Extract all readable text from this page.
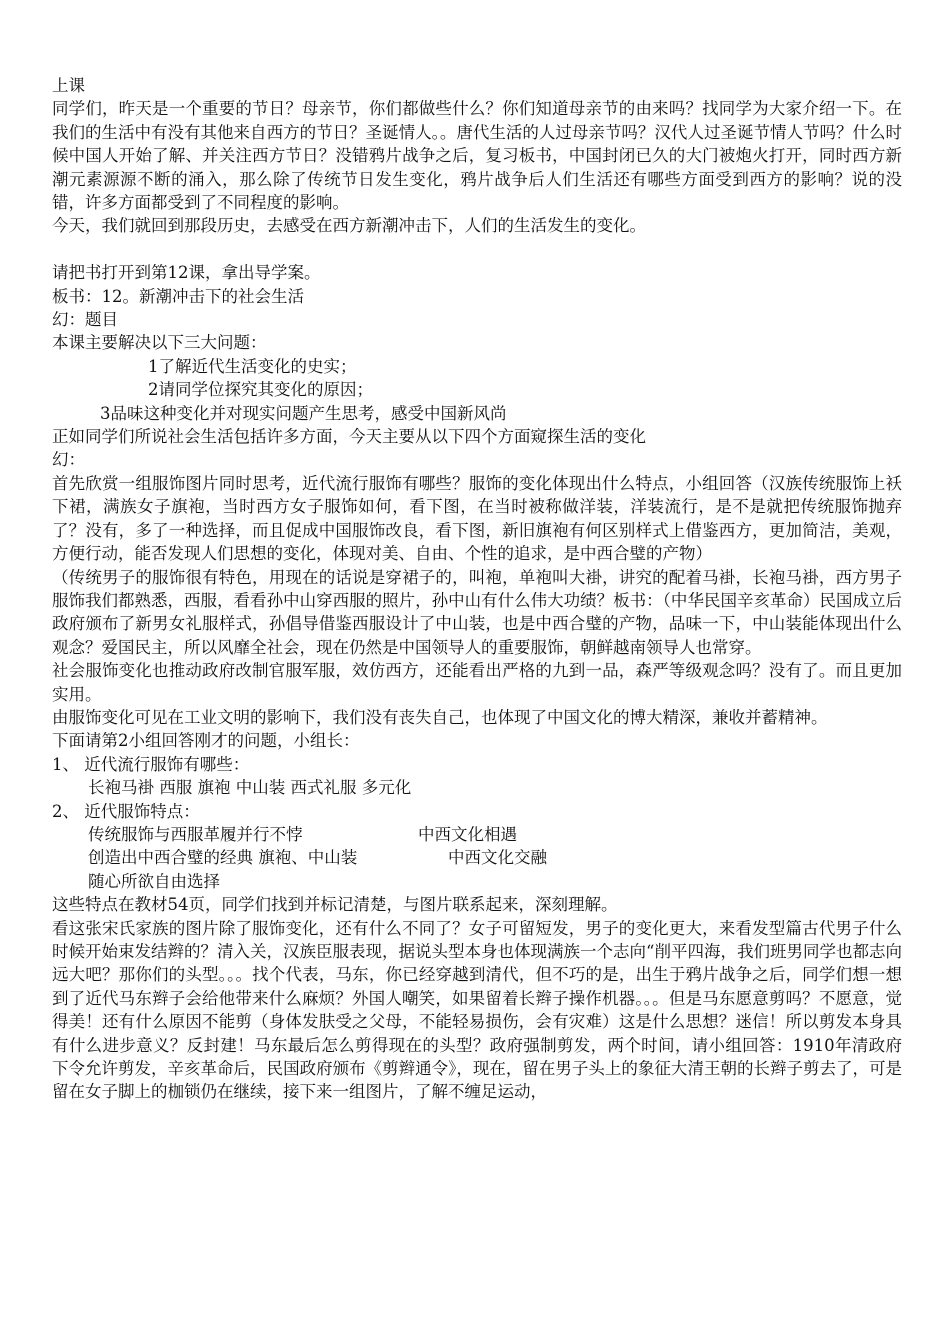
上课

同学们，昨天是一个重要的节日？母亲节，你们都做些什么？你们知道母亲节的由来吗？找同学为大家介绍一下。在我们的生活中有没有其他来自西方的节日？圣诞情人。。唐代生活的人过母亲节吗？汉代人过圣诞节情人节吗？什么时候中国人开始了解、并关注西方节日？没错鸦片战争之后，复习板书，中国封闭已久的大门被炮火打开，同时西方新潮元素源源不断的涌入，那么除了传统节日发生变化，鸦片战争后人们生活还有哪些方面受到西方的影响？说的没错，许多方面都受到了不同程度的影响。

今天，我们就回到那段历史，去感受在西方新潮冲击下，人们的生活发生的变化。

请把书打开到第12课，拿出导学案。

板书：12。新潮冲击下的社会生活

幻：题目

本课主要解决以下三大问题：

1了解近代生活变化的史实；

2请同学位探究其变化的原因；

3品味这种变化并对现实问题产生思考，感受中国新风尚

正如同学们所说社会生活包括许多方面，今天主要从以下四个方面窥探生活的变化

幻：

首先欣赏一组服饰图片同时思考，近代流行服饰有哪些？服饰的变化体现出什么特点，小组回答（汉族传统服饰上袄下裙，满族女子旗袍，当时西方女子服饰如何，看下图，在当时被称做洋装，洋装流行，是不是就把传统服饰抛弃了？没有，多了一种选择，而且促成中国服饰改良，看下图，新旧旗袍有何区别样式上借鉴西方，更加简洁，美观，方便行动，能否发现人们思想的变化，体现对美、自由、个性的追求，是中西合璧的产物）

（传统男子的服饰很有特色，用现在的话说是穿裙子的，叫袍，单袍叫大褂，讲究的配着马褂，长袍马褂，西方男子服饰我们都熟悉，西服，看看孙中山穿西服的照片，孙中山有什么伟大功绩？板书：（中华民国辛亥革命）民国成立后政府颁布了新男女礼服样式，孙倡导借鉴西服设计了中山装，也是中西合璧的产物，品味一下，中山装能体现出什么观念？爱国民主，所以风靡全社会，现在仍然是中国领导人的重要服饰，朝鲜越南领导人也常穿。

社会服饰变化也推动政府改制官服军服，效仿西方，还能看出严格的九到一品，森严等级观念吗？没有了。而且更加实用。

由服饰变化可见在工业文明的影响下，我们没有丧失自己，也体现了中国文化的博大精深，兼收并蓄精神。

下面请第2小组回答刚才的问题，小组长：

1、 近代流行服饰有哪些：

长袍马褂 西服 旗袍 中山装 西式礼服 多元化

2、 近代服饰特点：

传统服饰与西服革履并行不悖	中西文化相遇
创造出中西合璧的经典 旗袍、中山装	中西文化交融

随心所欲自由选择

这些特点在教材54页，同学们找到并标记清楚，与图片联系起来，深刻理解。

看这张宋氏家族的图片除了服饰变化，还有什么不同了？女子可留短发，男子的变化更大，来看发型篇古代男子什么时候开始束发结辫的？清入关，汉族臣服表现，据说头型本身也体现满族一个志向“削平四海，我们班男同学也都志向远大吧？那你们的头型。。。找个代表，马东，你已经穿越到清代，但不巧的是，出生于鸦片战争之后，同学们想一想到了近代马东辫子会给他带来什么麻烦？外国人嘲笑，如果留着长辫子操作机器。。。但是马东愿意剪吗？不愿意，觉得美！还有什么原因不能剪（身体发肤受之父母，不能轻易损伤，会有灾难）这是什么思想？迷信！所以剪发本身具有什么进步意义？反封建！马东最后怎么剪得现在的头型？政府强制剪发，两个时间，请小组回答：1910年清政府下令允许剪发，辛亥革命后，民国政府颁布《剪辫通令》，现在，留在男子头上的象征大清王朝的长辫子剪去了，可是留在女子脚上的枷锁仍在继续，接下来一组图片，了解不缠足运动，
